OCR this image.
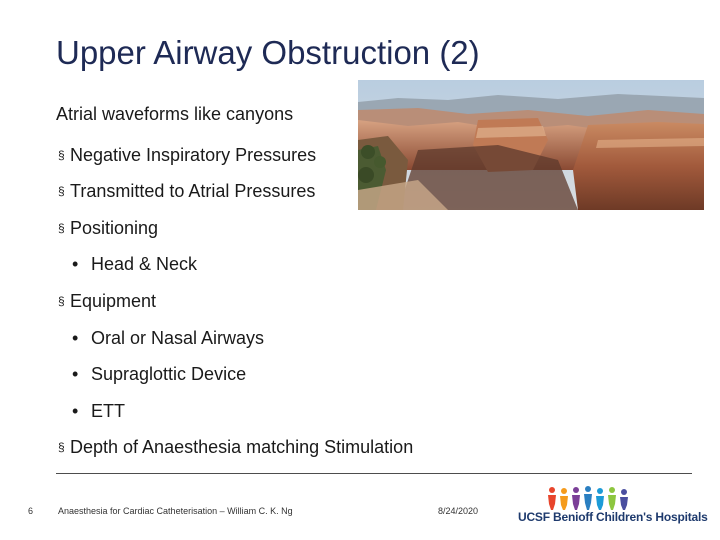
Upper Airway Obstruction (2)
Atrial waveforms like canyons
§ Negative Inspiratory Pressures
§ Transmitted to Atrial Pressures
§ Positioning
• Head & Neck
§ Equipment
• Oral or Nasal Airways
• Supraglottic Device
• ETT
§ Depth of Anaesthesia matching Stimulation
6	Anaesthesia for Cardiac Catheterisation – William C. K. Ng	8/24/2020	UCSF Benioff Children's Hospitals
